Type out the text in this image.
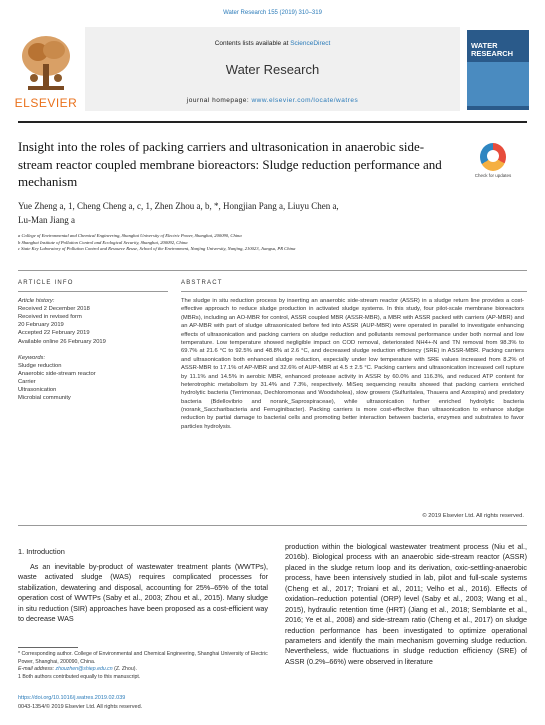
Water Research 155 (2019) 310–319
ELSEVIER
Contents lists available at ScienceDirect
Water Research
journal homepage: www.elsevier.com/locate/watres
WATER RESEARCH
Insight into the roles of packing carriers and ultrasonication in anaerobic side-stream reactor coupled membrane bioreactors: Sludge reduction performance and mechanism	Check for updates
Yue Zheng a, 1, Cheng Cheng a, c, 1, Zhen Zhou a, b, *, Hongjian Pang a, Liuyu Chen a,
Lu-Man Jiang a
a College of Environmental and Chemical Engineering, Shanghai University of Electric Power, Shanghai, 200090, China
b Shanghai Institute of Pollution Control and Ecological Security, Shanghai, 200092, China
c State Key Laboratory of Pollution Control and Resource Reuse, School of the Environment, Nanjing University, Nanjing, 210023, Jiangsu, PR China
ARTICLE INFO
Article history:
Received 2 December 2018
Received in revised form
20 February 2019
Accepted 22 February 2019
Available online 26 February 2019
Keywords:
Sludge reduction
Anaerobic side-stream reactor
Carrier
Ultrasonication
Microbial community
ABSTRACT
The sludge in situ reduction process by inserting an anaerobic side-stream reactor (ASSR) in a sludge return line provides a cost-effective approach to reduce sludge production in activated sludge systems. In this study, four pilot-scale membrane bioreactors (MBRs), including an AO-MBR for control, ASSR coupled MBR (ASSR-MBR), a MBR with ASSR packed with carriers (AP-MBR) and an AP-MBR with part of sludge ultrasonicated before fed into ASSR (AUP-MBR) were operated in parallel to investigate enhancing effects of ultrasonication and packing carriers on sludge reduction and pollutants removal performance under both normal and low temperature. Low temperature showed negligible impact on COD removal, deteriorated NH4+-N and TN removal from 98.3% to 69.7% at 21.6 °C to 92.5% and 48.8% at 2.6 °C, and decreased sludge reduction efficiency (SRE) in ASSR-MBR. Packing carriers and ultrasonication both enhanced sludge reduction, especially under low temperature with SRE values increased from 8.2% of ASSR-MBR to 17.1% of AP-MBR and 32.6% of AUP-MBR at 4.5 ± 2.5 °C. Packing carriers and ultrasonication increased cell rupture by 11.1% and 14.5% in aerobic MBR, enhanced protease activity in ASSR by 60.0% and 116.3%, and reduced ATP content for heterotrophic metabolism by 31.4% and 7.3%, respectively. MiSeq sequencing results showed that packing carriers enriched hydrolytic bacteria (Terrimonas, Dechloromonas and Woodsholea), slow growers (Sulfuritalea, Thauera and Azospira) and predatory bacteria (Bdellovibrio and norank_Saprospiraceae), while ultrasonication further enriched hydrolytic bacteria (norank_Saccharibacteria and Ferruginibacter). Packing carriers is more cost-effective than ultrasonication to enhance sludge reduction by partial damage to bacterial cells and promoting better interaction between bacteria, enzymes and substrates to favor particles hydrolysis.
© 2019 Elsevier Ltd. All rights reserved.
1. Introduction
As an inevitable by-product of wastewater treatment plants (WWTPs), waste activated sludge (WAS) requires complicated processes for stabilization, dewatering and disposal, accounting for 25%–65% of the total operation cost of WWTPs (Saby et al., 2003; Zhou et al., 2015). Many sludge in situ reduction (SIR) approaches have been proposed as a cost-efficient way to decrease WAS
production within the biological wastewater treatment process (Niu et al., 2016b). Biological process with an anaerobic side-stream reactor (ASSR) placed in the sludge return loop and its derivation, oxic-settling-anaerobic process, have been intensively studied in lab, pilot and full-scale systems (Cheng et al., 2017; Troiani et al., 2011; Velho et al., 2016). Effects of oxidation–reduction potential (ORP) level (Saby et al., 2003; Wang et al., 2015), hydraulic retention time (HRT) (Jiang et al., 2018; Semblante et al., 2016; Ye et al., 2008) and side-stream ratio (Cheng et al., 2017) on sludge reduction performance has been investigated to optimize operational parameters and identify the main mechanism governing sludge reduction. Nevertheless, wide fluctuations in sludge reduction efficiency (SRE) of ASSR (0.2%–66%) were observed in literature
* Corresponding author. College of Environmental and Chemical Engineering, Shanghai University of Electric Power, Shanghai, 200090, China.
E-mail address: zhouzhen@shiep.edu.cn (Z. Zhou).
1 Both authors contributed equally to this manuscript.
https://doi.org/10.1016/j.watres.2019.02.039
0043-1354/© 2019 Elsevier Ltd. All rights reserved.
